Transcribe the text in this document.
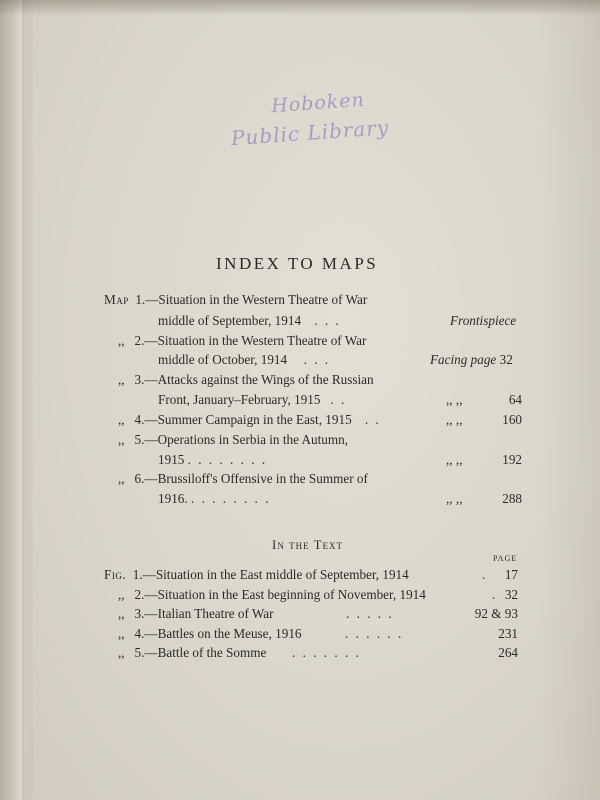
Hoboken
Public Library
INDEX TO MAPS
Map 1.—Situation in the Western Theatre of War
middle of September, 1914 . . .	Frontispiece
,, 2.—Situation in the Western Theatre of War
middle of October, 1914 . . .	Facing page 32
,, 3.—Attacks against the Wings of the Russian
Front, January–February, 1915 . .	,, ,,	64
,, 4.—Summer Campaign in the East, 1915 . .	,, ,,	160
,, 5.—Operations in Serbia in the Autumn,
1915 . . . . . . . .	,, ,,	192
,, 6.—Brussiloff's Offensive in the Summer of
1916. . . . . . . . .	,, ,,	288
In the Text
PAGE
Fig. 1.—Situation in the East middle of September, 1914	.	17
,, 2.—Situation in the East beginning of November, 1914	. 32
,, 3.—Italian Theatre of War	. . . . .	92 & 93
,, 4.—Battles on the Meuse, 1916	. . . . . .	231
,, 5.—Battle of the Somme . . . . . . .	264
